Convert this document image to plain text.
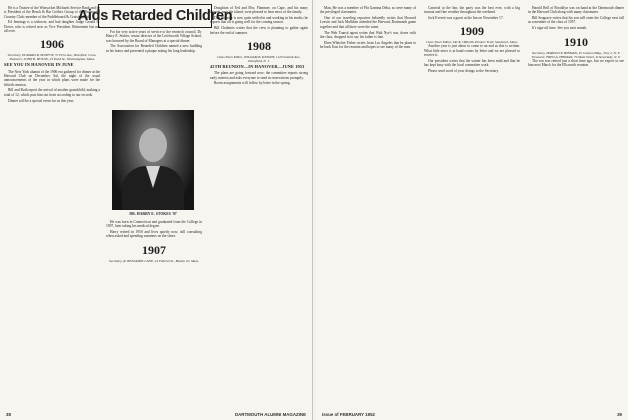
He is a Trustee of the Wonsocket Michaels Service Bank and he is President of the Beach & Bar Golfers Group of the Brunswick Country Club; member of the Paddleboard & Cruising Club.

Ed Jennings is a widower, and had daughter Judge Gerald H. Dover, who is retired now as Vice President. Retirement but not all over.

1906
Secretary, EDWARD R. BONFOY, 57 Fern Ave., Branford, Conn. Treasurer, JOHN B. HOUSE, 23 Pond St., Westhampton, Mass.
SEE YOU IN HANOVER IN JUNE

The New York alumni of the 1906 era gathered for dinner at the Harvard Club on December 3rd, the night of the usual announcements of the year in which plans were made for the fiftieth reunion.

Bill and Ruth report the arrival of another grandchild, making a total of 12, which puts him out front according to our records.

Dinner will be a special event for us this year.

Aids Retarded Children

For his very active years of service to the research council, Dr. Harry E. Stokes, senior director of the Letchworth Village School, was honored by the Board of Managers at a special dinner.

The Association for Retarded Children named a new building in his honor and presented a plaque noting his long leadership.

DR. HARRY E. STOKES '07

He was born in Connecticut and graduated from the College in 1907, later taking his medical degree.

Harry retired in 1950 and lives quietly now, still consulting when asked and spending summers on the shore.

1907
Secretary, R. BENJAMIN CANE, 24 Federal St., Boston 10, Mass.

Doughton of Ted and Mrs. Flammer, on Cape, and his many friends, near the island, were pleased to hear news of the family.

Don Webster is now quite settled in and working in his studio; he reports that all is going well for the coming season.

Bill Chalmers writes that the crew is planning to gather again before the end of summer.

1908
Class News Editor, WILLIAM B. KNIGHT, 1120 Summit Ave., Plainfield, N. J.
45TH REUNION—IN HANOVER—JUNE 1953

The plans are going forward now; the committee reports strong early interest and asks everyone to send in reservations promptly.

Room assignments will follow by letter in the spring.

38	DARTMOUTH ALUMNI MAGAZINE

Man, He was a member of Phi Gamma Delta, as were many of the privileged classmates.

One of our traveling reporters belatedly writes that Howard Leavitt and Jack Mulliken attended the Harvard–Dartmouth game together and that all three were the same.

The Web Transit agent writes that Walt Nye's son, down with the class, dropped in to say his father is fine.

Eben Whitcher Fisher writes from Los Angeles that he plans to be back East for the reunion and hopes to see many of the men.

Carnival at the Inn, the party was the best ever, with a big turnout and fine weather throughout the weekend.

Jack Everett was a guest at the Inn on November 17.

1909
Class News Editor, JACK CHILDS, Pioneer Trail, Sandwich, Mass.

Another year is just about to come to an end as this is written. What little news is at hand comes by letter and we are pleased to receive it.

Our president writes that the winter has been mild and that he has kept busy with the local committee work.

Please send word of your doings to the Secretary.

Harold Bell of Brooklyn was on hand at the Dartmouth dinner in the Harvard Club along with many classmates.

Bill Seagrave writes that his son will enter the College next fall as a member of the class of 1957.

It's sign-off time. See you next month.

1910
Secretary, HAROLD P. HINMAN, 45 Cannon Bldg., Troy 2, N. Y. Treasurer, FRED A. HINMAN, 79 Main Street, Schenectady, N. Y.

The son was retired just a short time ago, but we expect to see him next March for the Ellsworth reunion.

Issue of FEBRUARY 1952	39
